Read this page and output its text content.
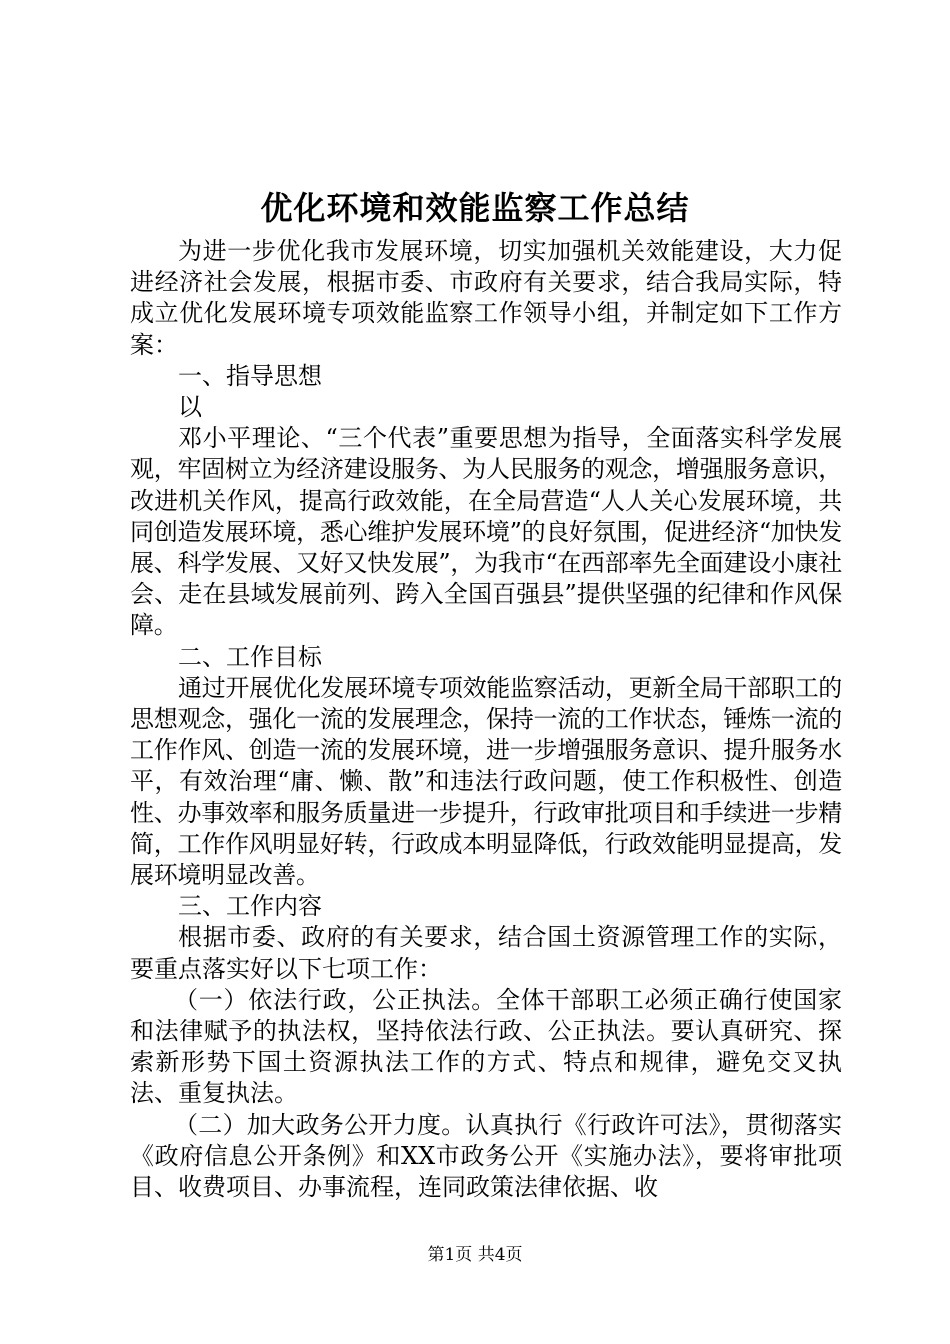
优化环境和效能监察工作总结

为进一步优化我市发展环境，切实加强机关效能建设，大力促进经济社会发展，根据市委、市政府有关要求，结合我局实际，特成立优化发展环境专项效能监察工作领导小组，并制定如下工作方案：

一、指导思想

以

邓小平理论、“三个代表”重要思想为指导，全面落实科学发展观，牢固树立为经济建设服务、为人民服务的观念，增强服务意识，改进机关作风，提高行政效能，在全局营造“人人关心发展环境，共同创造发展环境，悉心维护发展环境”的良好氛围，促进经济“加快发展、科学发展、又好又快发展”，为我市“在西部率先全面建设小康社会、走在县域发展前列、跨入全国百强县”提供坚强的纪律和作风保障。

二、工作目标

通过开展优化发展环境专项效能监察活动，更新全局干部职工的思想观念，强化一流的发展理念，保持一流的工作状态，锤炼一流的工作作风、创造一流的发展环境，进一步增强服务意识、提升服务水平，有效治理“庸、懒、散”和违法行政问题，使工作积极性、创造性、办事效率和服务质量进一步提升，行政审批项目和手续进一步精简，工作作风明显好转，行政成本明显降低，行政效能明显提高，发展环境明显改善。

三、工作内容

根据市委、政府的有关要求，结合国土资源管理工作的实际，要重点落实好以下七项工作：

（一）依法行政，公正执法。全体干部职工必须正确行使国家和法律赋予的执法权，坚持依法行政、公正执法。要认真研究、探索新形势下国土资源执法工作的方式、特点和规律，避免交叉执法、重复执法。

（二）加大政务公开力度。认真执行《行政许可法》，贯彻落实《政府信息公开条例》和XX市政务公开《实施办法》，要将审批项目、收费项目、办事流程，连同政策法律依据、收

第1页 共4页
